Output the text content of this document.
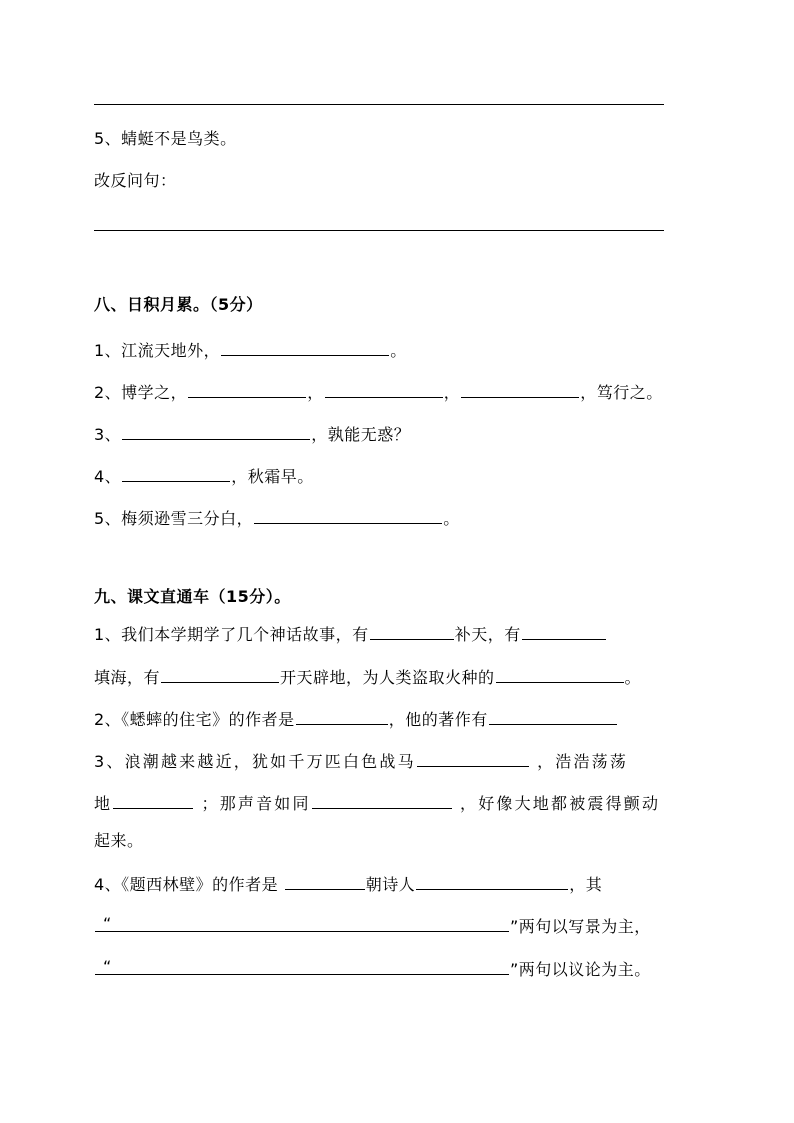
5、蜻蜓不是鸟类。
改反问句：
八、日积月累。（5分）
1、江流天地外，	。
2、博学之，	，	，	，笃行之。
3、	，孰能无惑？
4、	，秋霜早。
5、梅须逊雪三分白，	。
九、课文直通车（15分）。
1、我们本学期学了几个神话故事，有	补天，有
填海，有	开天辟地，为人类盗取火种的	。
2、《蟋蟀的住宅》的作者是	，他的著作有
3、浪潮越来越近，犹如千万匹白色战马	，浩浩荡荡
地	；那声音如同	，好像大地都被震得颤动
起来。
4、《题西林壁》的作者是	朝诗人	，其
“	”两句以写景为主，
“	”两句以议论为主。
